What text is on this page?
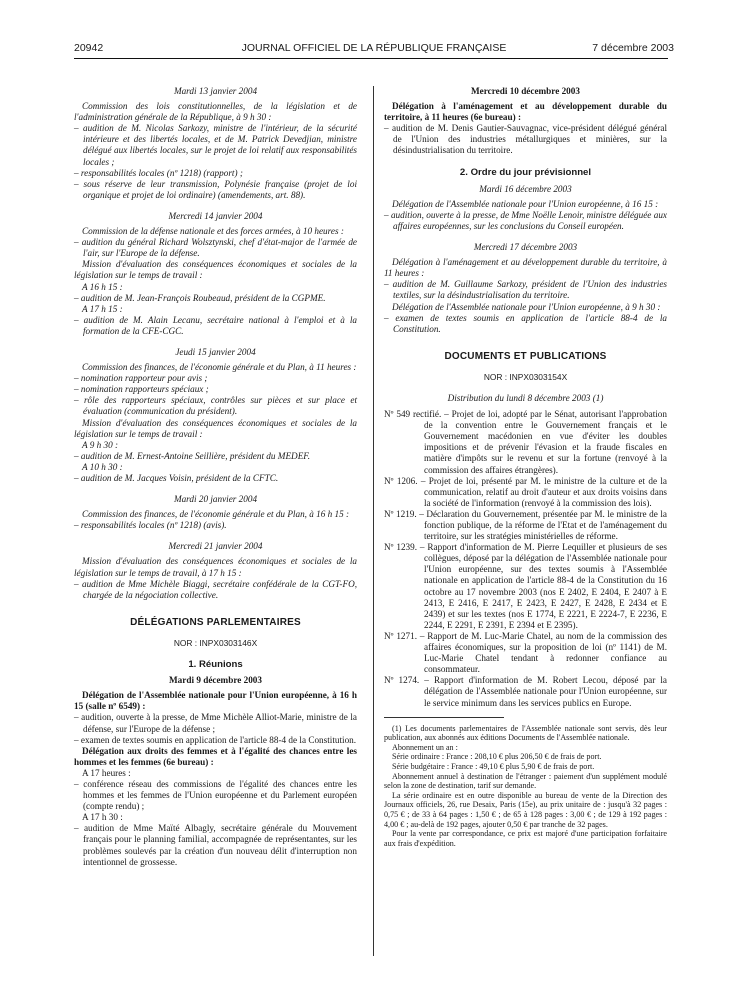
20942	JOURNAL OFFICIEL DE LA RÉPUBLIQUE FRANÇAISE	7 décembre 2003

Mardi 13 janvier 2004

Commission des lois constitutionnelles, de la législation et de l'administration générale de la République, à 9 h 30 :

– audition de M. Nicolas Sarkozy, ministre de l'intérieur, de la sécurité intérieure et des libertés locales, et de M. Patrick Devedjian, ministre délégué aux libertés locales, sur le projet de loi relatif aux responsabilités locales ;

– responsabilités locales (nº 1218) (rapport) ;

– sous réserve de leur transmission, Polynésie française (projet de loi organique et projet de loi ordinaire) (amendements, art. 88).

Mercredi 14 janvier 2004

Commission de la défense nationale et des forces armées, à 10 heures :

– audition du général Richard Wolsztynski, chef d'état-major de l'armée de l'air, sur l'Europe de la défense.

Mission d'évaluation des conséquences économiques et sociales de la législation sur le temps de travail :

A 16 h 15 :

– audition de M. Jean-François Roubeaud, président de la CGPME.

A 17 h 15 :

– audition de M. Alain Lecanu, secrétaire national à l'emploi et à la formation de la CFE-CGC.

Jeudi 15 janvier 2004

Commission des finances, de l'économie générale et du Plan, à 11 heures :

– nomination rapporteur pour avis ;

– nomination rapporteurs spéciaux ;

– rôle des rapporteurs spéciaux, contrôles sur pièces et sur place et évaluation (communication du président).

Mission d'évaluation des conséquences économiques et sociales de la législation sur le temps de travail :

A 9 h 30 :

– audition de M. Ernest-Antoine Seillière, président du MEDEF.

A 10 h 30 :

– audition de M. Jacques Voisin, président de la CFTC.

Mardi 20 janvier 2004

Commission des finances, de l'économie générale et du Plan, à 16 h 15 :

– responsabilités locales (nº 1218) (avis).

Mercredi 21 janvier 2004

Mission d'évaluation des conséquences économiques et sociales de la législation sur le temps de travail, à 17 h 15 :

– audition de Mme Michèle Biaggi, secrétaire confédérale de la CGT-FO, chargée de la négociation collective.

DÉLÉGATIONS PARLEMENTAIRES

NOR : INPX0303146X

1. Réunions

Mardi 9 décembre 2003

Délégation de l'Assemblée nationale pour l'Union européenne, à 16 h 15 (salle nº 6549) :

– audition, ouverte à la presse, de Mme Michèle Alliot-Marie, ministre de la défense, sur l'Europe de la défense ;

– examen de textes soumis en application de l'article 88-4 de la Constitution.

Délégation aux droits des femmes et à l'égalité des chances entre les hommes et les femmes (6e bureau) :

A 17 heures :

– conférence réseau des commissions de l'égalité des chances entre les hommes et les femmes de l'Union européenne et du Parlement européen (compte rendu) ;

A 17 h 30 :

– audition de Mme Maïté Albagly, secrétaire générale du Mouvement français pour le planning familial, accompagnée de représentantes, sur les problèmes soulevés par la création d'un nouveau délit d'interruption non intentionnel de grossesse.

Mercredi 10 décembre 2003

Délégation à l'aménagement et au développement durable du territoire, à 11 heures (6e bureau) :

– audition de M. Denis Gautier-Sauvagnac, vice-président délégué général de l'Union des industries métallurgiques et minières, sur la désindustrialisation du territoire.

2. Ordre du jour prévisionnel

Mardi 16 décembre 2003

Délégation de l'Assemblée nationale pour l'Union européenne, à 16 15 :

– audition, ouverte à la presse, de Mme Noëlle Lenoir, ministre déléguée aux affaires européennes, sur les conclusions du Conseil européen.

Mercredi 17 décembre 2003

Délégation à l'aménagement et au développement durable du territoire, à 11 heures :

– audition de M. Guillaume Sarkozy, président de l'Union des industries textiles, sur la désindustrialisation du territoire.

Délégation de l'Assemblée nationale pour l'Union européenne, à 9 h 30 :

– examen de textes soumis en application de l'article 88-4 de la Constitution.

DOCUMENTS ET PUBLICATIONS

NOR : INPX0303154X

Distribution du lundi 8 décembre 2003 (1)

Nº 549 rectifié. – Projet de loi, adopté par le Sénat, autorisant l'approbation de la convention entre le Gouvernement français et le Gouvernement macédonien en vue d'éviter les doubles impositions et de prévenir l'évasion et la fraude fiscales en matière d'impôts sur le revenu et sur la fortune (renvoyé à la commission des affaires étrangères).

Nº 1206. – Projet de loi, présenté par M. le ministre de la culture et de la communication, relatif au droit d'auteur et aux droits voisins dans la société de l'information (renvoyé à la commission des lois).

Nº 1219. – Déclaration du Gouvernement, présentée par M. le ministre de la fonction publique, de la réforme de l'Etat et de l'aménagement du territoire, sur les stratégies ministérielles de réforme.

Nº 1239. – Rapport d'information de M. Pierre Lequiller et plusieurs de ses collègues, déposé par la délégation de l'Assemblée nationale pour l'Union européenne, sur des textes soumis à l'Assemblée nationale en application de l'article 88-4 de la Constitution du 16 octobre au 17 novembre 2003 (nos E 2402, E 2404, E 2407 à E 2413, E 2416, E 2417, E 2423, E 2427, E 2428, E 2434 et E 2439) et sur les textes (nos E 1774, E 2221, E 2224-7, E 2236, E 2244, E 2291, E 2391, E 2394 et E 2395).

Nº 1271. – Rapport de M. Luc-Marie Chatel, au nom de la commission des affaires économiques, sur la proposition de loi (nº 1141) de M. Luc-Marie Chatel tendant à redonner confiance au consommateur.

Nº 1274. – Rapport d'information de M. Robert Lecou, déposé par la délégation de l'Assemblée nationale pour l'Union européenne, sur le service minimum dans les services publics en Europe.

(1) Les documents parlementaires de l'Assemblée nationale sont servis, dès leur publication, aux abonnés aux éditions Documents de l'Assemblée nationale.

Abonnement un an :

Série ordinaire : France : 208,10 € plus 206,50 € de frais de port.

Série budgétaire : France : 49,10 € plus 5,90 € de frais de port.

Abonnement annuel à destination de l'étranger : paiement d'un supplément modulé selon la zone de destination, tarif sur demande.

La série ordinaire est en outre disponible au bureau de vente de la Direction des Journaux officiels, 26, rue Desaix, Paris (15e), au prix unitaire de : jusqu'à 32 pages : 0,75 € ; de 33 à 64 pages : 1,50 € ; de 65 à 128 pages : 3,00 € ; de 129 à 192 pages : 4,00 € ; au-delà de 192 pages, ajouter 0,50 € par tranche de 32 pages.

Pour la vente par correspondance, ce prix est majoré d'une participation forfaitaire aux frais d'expédition.
